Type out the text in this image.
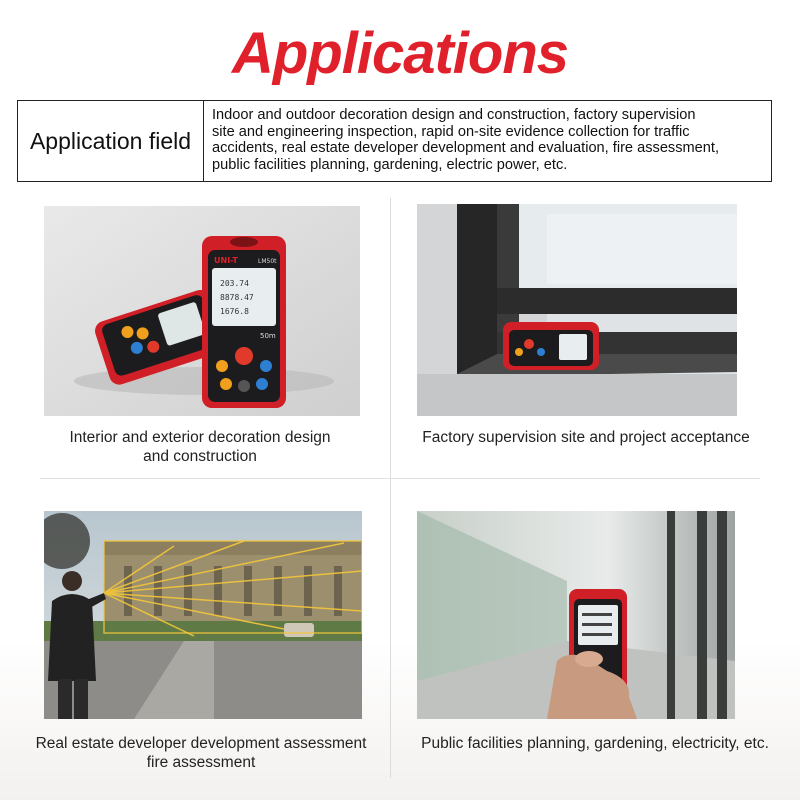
Applications
Application field
Indoor and outdoor decoration design and construction, factory supervision
site and engineering inspection, rapid on-site evidence collection for traffic
accidents, real estate developer development and evaluation, fire assessment,
public facilities planning, gardening, electric power, etc.
UNI-T	LM50t
203.74
8878.47
1676.8
50m
Interior and exterior decoration design
and construction
Factory supervision site and project acceptance
Real estate developer development assessment
fire assessment
Public facilities planning, gardening, electricity, etc.
